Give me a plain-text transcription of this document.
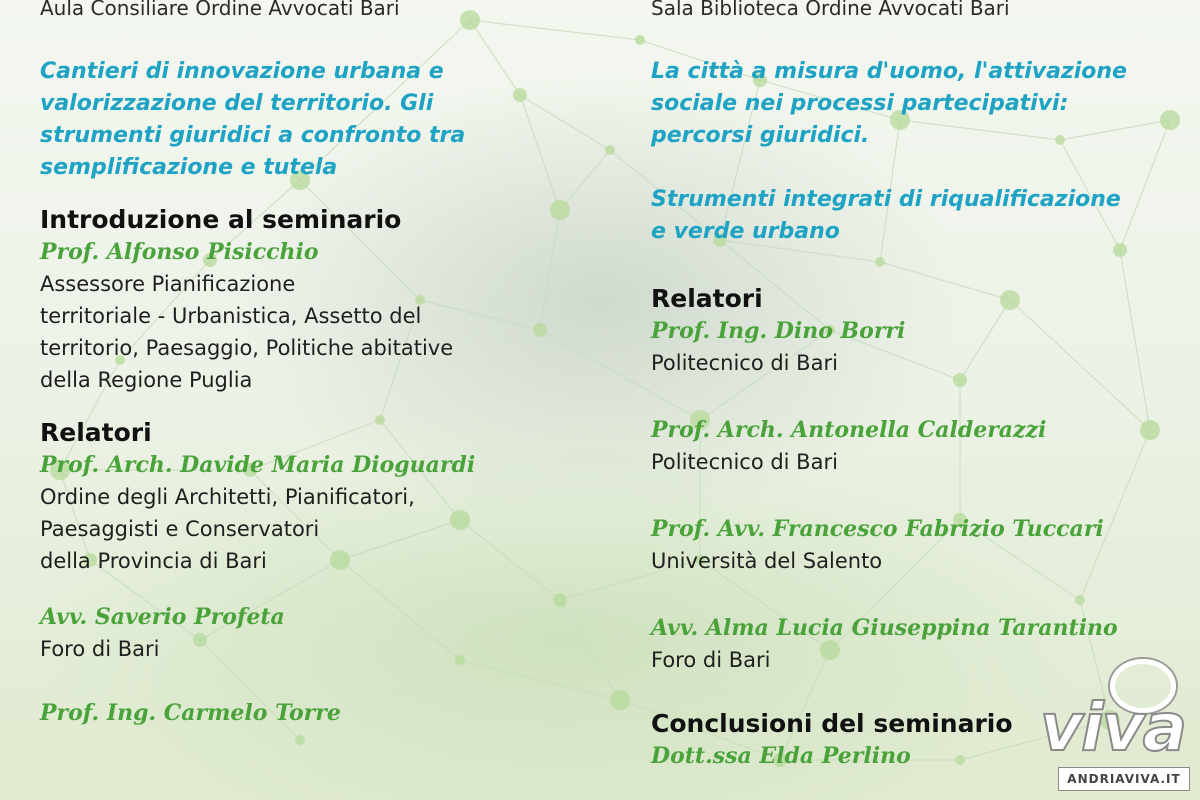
Aula Consiliare Ordine Avvocati Bari
Cantieri di innovazione urbana e
valorizzazione del territorio. Gli
strumenti giuridici a confronto tra
semplificazione e tutela
Introduzione al seminario
Prof. Alfonso Pisicchio
Assessore Pianificazione
territoriale - Urbanistica, Assetto del
territorio, Paesaggio, Politiche abitative
della Regione Puglia
Relatori
Prof. Arch. Davide Maria Dioguardi
Ordine degli Architetti, Pianificatori,
Paesaggisti e Conservatori
della Provincia di Bari
Avv. Saverio Profeta
Foro di Bari
Prof. Ing. Carmelo Torre
Sala Biblioteca Ordine Avvocati Bari
La città a misura d'uomo, l'attivazione
sociale nei processi partecipativi:
percorsi giuridici.
Strumenti integrati di riqualificazione
e verde urbano
Relatori
Prof. Ing. Dino Borri
Politecnico di Bari
Prof. Arch. Antonella Calderazzi
Politecnico di Bari
Prof. Avv. Francesco Fabrizio Tuccari
Università del Salento
Avv. Alma Lucia Giuseppina Tarantino
Foro di Bari
Conclusioni del seminario
Dott.ssa Elda Perlino	viva
ANDRIAVIVA.IT
